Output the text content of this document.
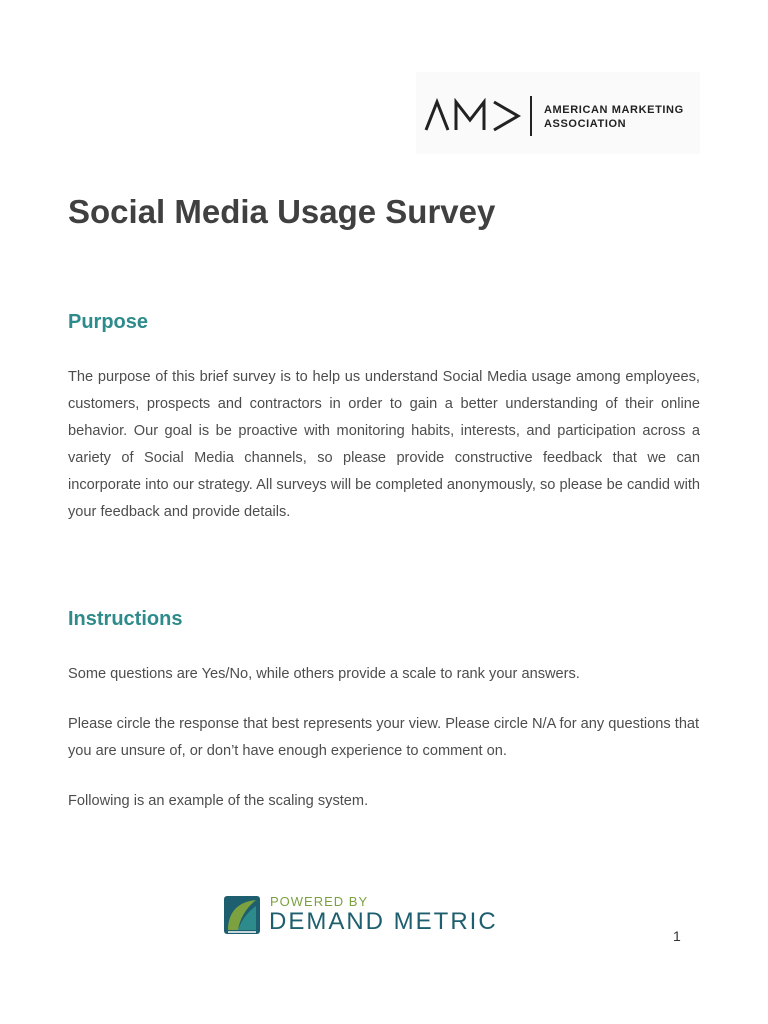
AMERICAN MARKETING
ASSOCIATION
Social Media Usage Survey
Purpose

The purpose of this brief survey is to help us understand Social Media usage among employees, customers, prospects and contractors in order to gain a better understanding of their online behavior. Our goal is be proactive with monitoring habits, interests, and participation across a variety of Social Media channels, so please provide constructive feedback that we can incorporate into our strategy. All surveys will be completed anonymously, so please be candid with your feedback and provide details.

Instructions

Some questions are Yes/No, while others provide a scale to rank your answers.

Please circle the response that best represents your view. Please circle N/A for any questions that you are unsure of, or don’t have enough experience to comment on.

Following is an example of the scaling system.

POWERED BY
DEMAND METRIC
1
